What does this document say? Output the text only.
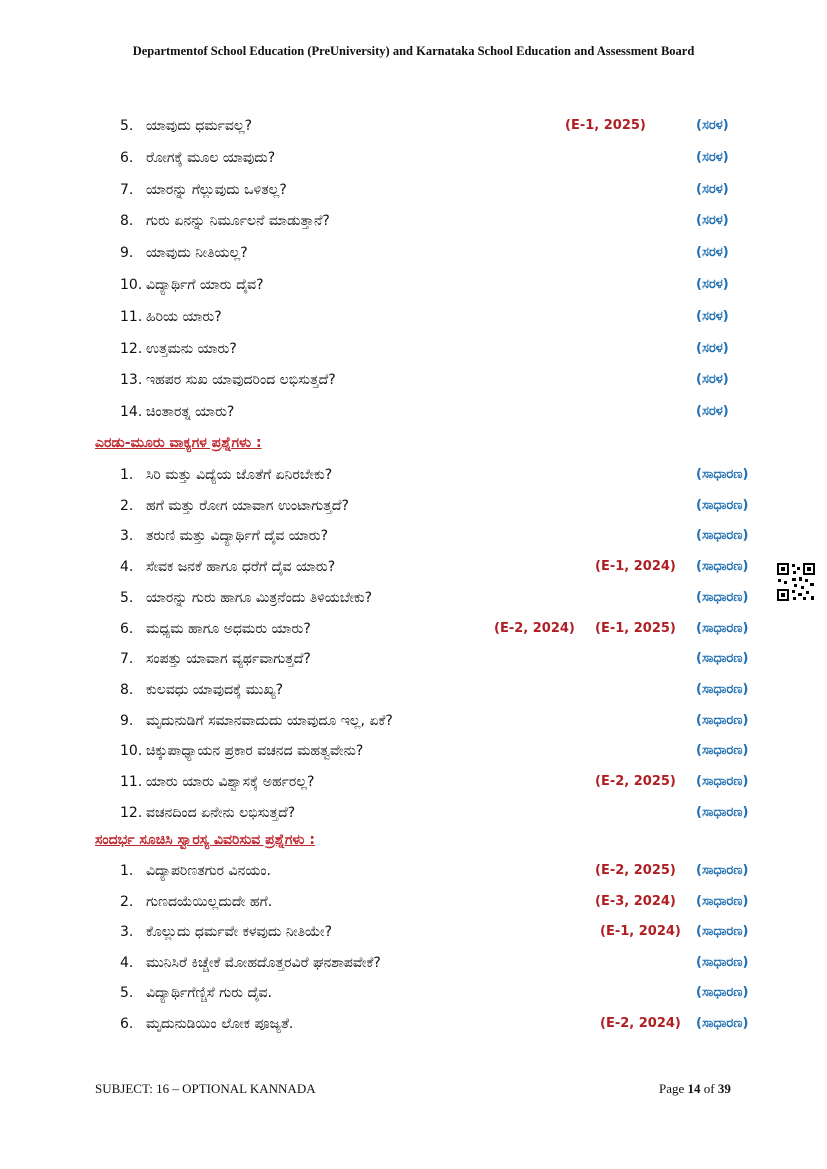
Departmentof School Education (PreUniversity) and Karnataka School Education and Assessment Board
5. ಯಾವುದು ಧರ್ಮವಲ್ಲ?	(E-1, 2025)	(ಸರಳ)
6. ರೋಗಕ್ಕೆ ಮೂಲ ಯಾವುದು?	(ಸರಳ)
7. ಯಾರನ್ನು ಗೆಲ್ಲುವುದು ಒಳಿತಲ್ಲ?	(ಸರಳ)
8. ಗುರು ಏನನ್ನು ನಿರ್ಮೂಲನೆ ಮಾಡುತ್ತಾನೆ?	(ಸರಳ)
9. ಯಾವುದು ನೀತಿಯಲ್ಲ?	(ಸರಳ)
10. ವಿದ್ಯಾರ್ಥಿಗೆ ಯಾರು ದೈವ?	(ಸರಳ)
11. ಹಿರಿಯ ಯಾರು?	(ಸರಳ)
12. ಉತ್ತಮನು ಯಾರು?	(ಸರಳ)
13. ಇಹಪರ ಸುಖ ಯಾವುದರಿಂದ ಲಭಿಸುತ್ತದೆ?	(ಸರಳ)
14. ಚಿಂತಾರತ್ನ ಯಾರು?	(ಸರಳ)
ಎರಡು-ಮೂರು ವಾಕ್ಯಗಳ ಪ್ರಶ್ನೆಗಳು :
1. ಸಿರಿ ಮತ್ತು ವಿದ್ಯೆಯ ಜೊತೆಗೆ ಏನಿರಬೇಕು?	(ಸಾಧಾರಣ)
2. ಹಗೆ ಮತ್ತು ರೋಗ ಯಾವಾಗ ಉಂಟಾಗುತ್ತದೆ?	(ಸಾಧಾರಣ)
3. ತರುಣಿ ಮತ್ತು ವಿದ್ಯಾರ್ಥಿಗೆ ದೈವ ಯಾರು?	(ಸಾಧಾರಣ)
4. ಸೇವಕ ಜನಕೆ ಹಾಗೂ ಧರೆಗೆ ದೈವ ಯಾರು?	(E-1, 2024) (ಸಾಧಾರಣ)
5. ಯಾರನ್ನು ಗುರು ಹಾಗೂ ಮಿತ್ರನೆಂದು ತಿಳಿಯಬೇಕು?	(ಸಾಧಾರಣ)
6. ಮಧ್ಯಮ ಹಾಗೂ ಅಧಮರು ಯಾರು?	(E-2, 2024) (E-1, 2025) (ಸಾಧಾರಣ)
7. ಸಂಪತ್ತು ಯಾವಾಗ ವ್ಯರ್ಥವಾಗುತ್ತದೆ?	(ಸಾಧಾರಣ)
8. ಕುಲವಧು ಯಾವುದಕ್ಕೆ ಮುಖ್ಯ?	(ಸಾಧಾರಣ)
9. ಮೃದುನುಡಿಗೆ ಸಮಾನವಾದುದು ಯಾವುದೂ ಇಲ್ಲ, ಏಕೆ?	(ಸಾಧಾರಣ)
10. ಚಿಕ್ಕುಪಾಧ್ಯಾಯನ ಪ್ರಕಾರ ವಚನದ ಮಹತ್ವವೇನು?	(ಸಾಧಾರಣ)
11. ಯಾರು ಯಾರು ವಿಶ್ವಾಸಕ್ಕೆ ಅರ್ಹರಲ್ಲ?	(E-2, 2025) (ಸಾಧಾರಣ)
12. ವಚನದಿಂದ ಏನೇನು ಲಭಿಸುತ್ತದೆ?	(ಸಾಧಾರಣ)
ಸಂದರ್ಭ ಸೂಚಿಸಿ ಸ್ವಾರಸ್ಯ ವಿವರಿಸುವ ಪ್ರಶ್ನೆಗಳು :
1. ವಿದ್ಯಾಪರಿಣತಗುರ ವಿನಯಂ.	(E-2, 2025) (ಸಾಧಾರಣ)
2. ಗುಣದಯೆಯಿಲ್ಲದುದೇ ಹಗೆ.	(E-3, 2024) (ಸಾಧಾರಣ)
3. ಕೊಲ್ಲುದು ಧರ್ಮವೇ ಕಳವುದು ನೀತಿಯೇ?	(E-1, 2024) (ಸಾಧಾರಣ)
4. ಮುನಿಸಿರೆ ಕಿಚ್ಚೇಕೆ ಮೋಹದೊತ್ತರವಿರೆ ಘನಶಾಪವೇಕೆ?	(ಸಾಧಾರಣ)
5. ವಿದ್ಯಾರ್ಥಿಗೆಣ್ಚಿಸೆ ಗುರು ದೈವ.	(ಸಾಧಾರಣ)
6. ಮೃದುನುಡಿಯಿಂ ಲೋಕ ಪೂಜ್ಯತೆ.	(E-2, 2024) (ಸಾಧಾರಣ)
SUBJECT: 16 – OPTIONAL KANNADA	Page 14 of 39
